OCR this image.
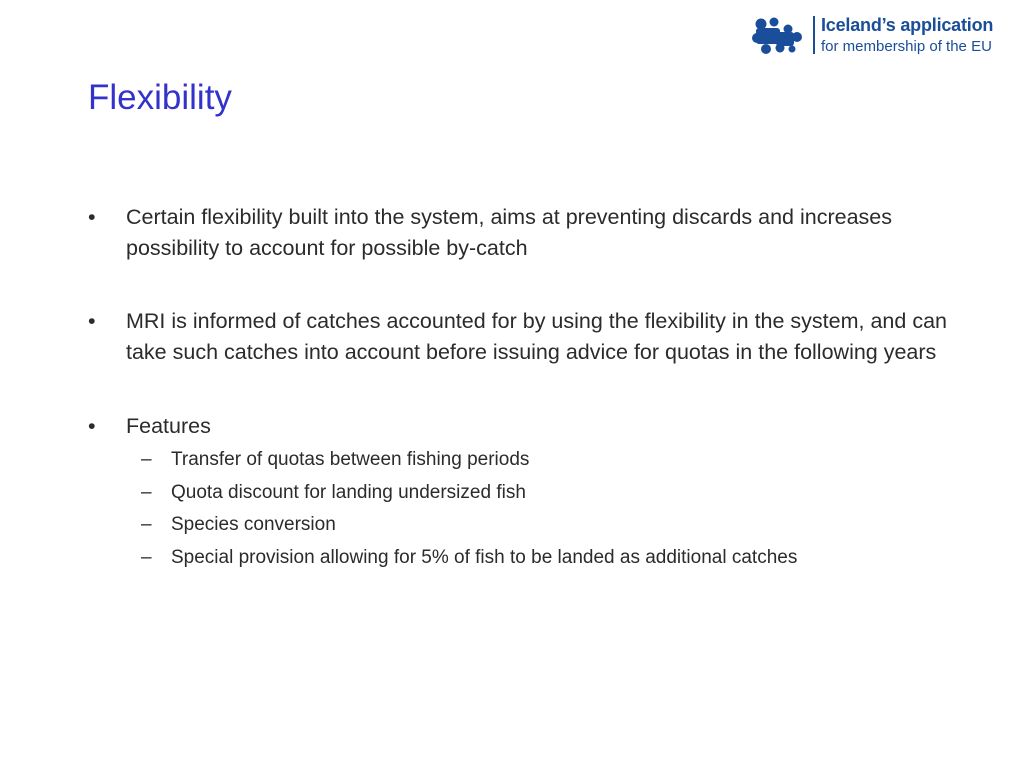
Iceland’s application
for membership of the EU
Flexibility
• Certain flexibility built into the system, aims at preventing discards and increases possibility to account for possible by-catch
• MRI is informed of catches accounted for by using the flexibility in the system, and can take such catches into account before issuing advice for quotas in the following years
• Features
– Transfer of quotas between fishing periods
– Quota discount for landing undersized fish
– Species conversion
– Special provision allowing for 5% of fish to be landed as additional catches
